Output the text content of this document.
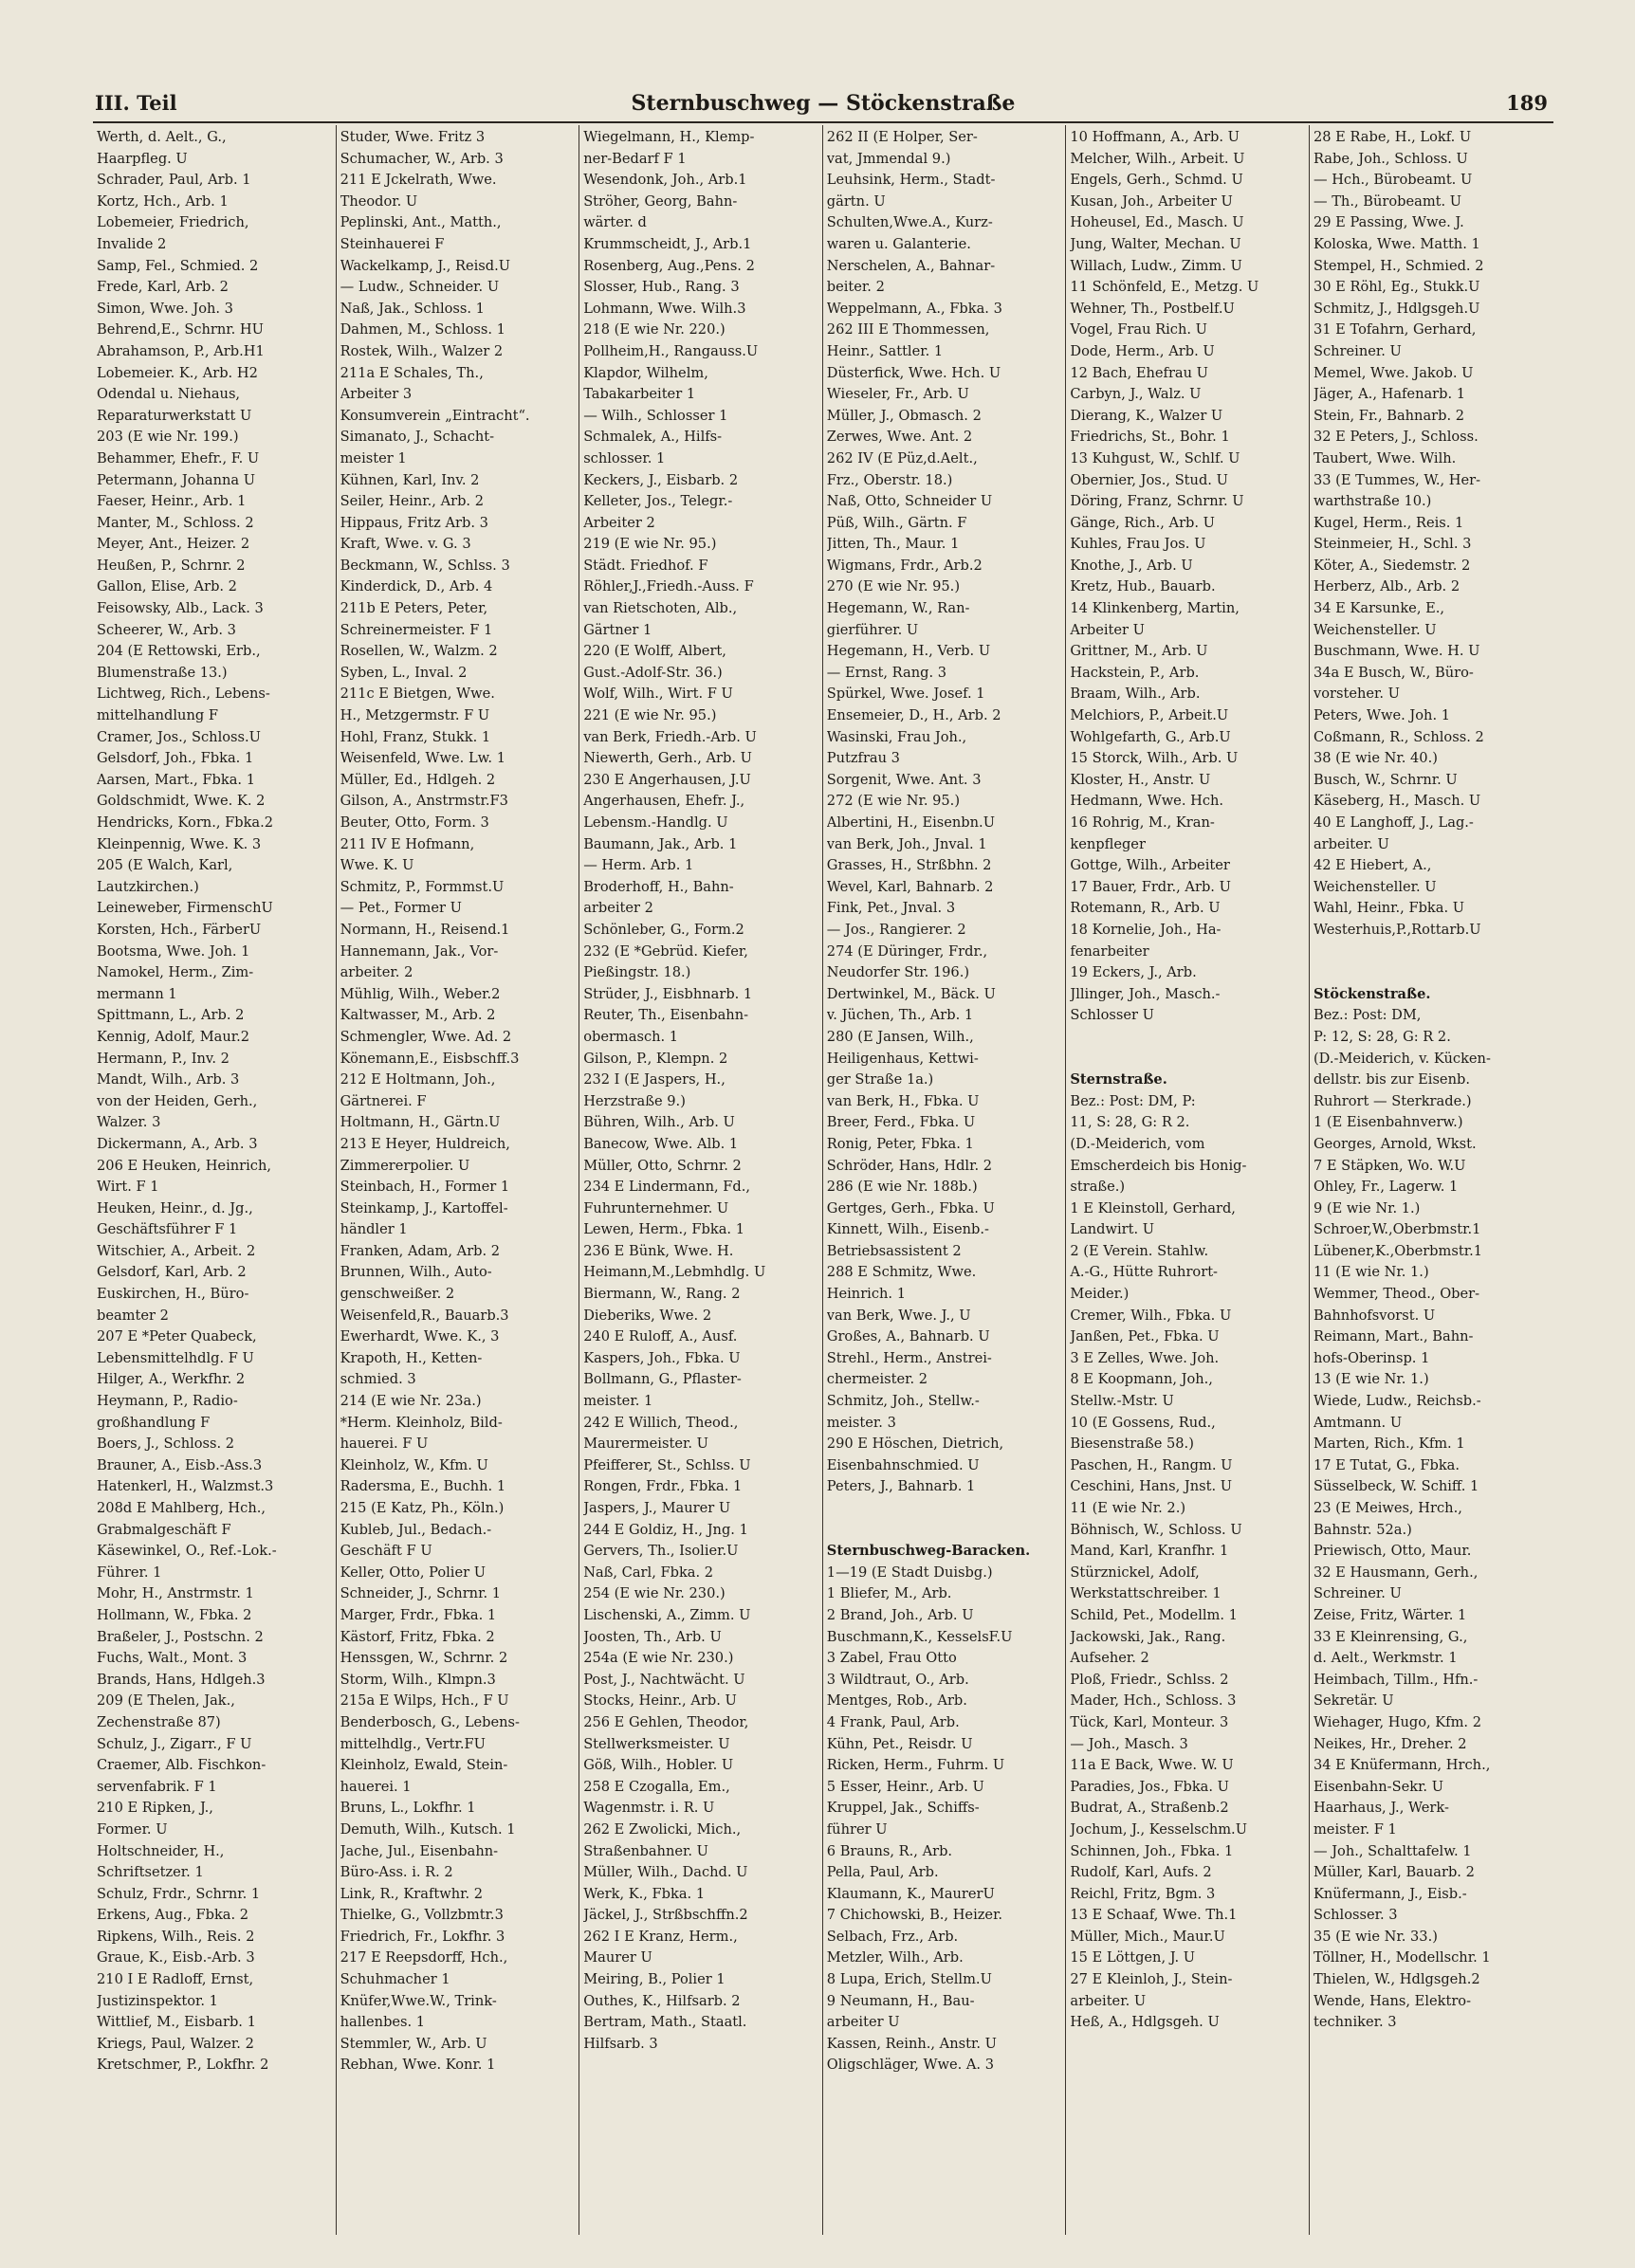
III. Teil	Sternbuschweg — Stöckenstraße	189
Werth, d. Aelt., G.,
Haarpfleg. U
Schrader, Paul, Arb. 1
Kortz, Hch., Arb. 1
Lobemeier, Friedrich,
Invalide 2
Samp, Fel., Schmied. 2
Frede, Karl, Arb. 2
Simon, Wwe. Joh. 3
Behrend,E., Schrnr. HU
Abrahamson, P., Arb.H1
Lobemeier. K., Arb. H2
Odendal u. Niehaus,
Reparaturwerkstatt U
203 (E wie Nr. 199.)
Behammer, Ehefr., F. U
Petermann, Johanna U
Faeser, Heinr., Arb. 1
Manter, M., Schloss. 2
Meyer, Ant., Heizer. 2
Heußen, P., Schrnr. 2
Gallon, Elise, Arb. 2
Feisowsky, Alb., Lack. 3
Scheerer, W., Arb. 3
204 (E Rettowski, Erb.,
Blumenstraße 13.)
Lichtweg, Rich., Lebens-
mittelhandlung F
Cramer, Jos., Schloss.U
Gelsdorf, Joh., Fbka. 1
Aarsen, Mart., Fbka. 1
Goldschmidt, Wwe. K. 2
Hendricks, Korn., Fbka.2
Kleinpennig, Wwe. K. 3
205 (E Walch, Karl,
Lautzkirchen.)
Leineweber, FirmenschU
Korsten, Hch., FärberU
Bootsma, Wwe. Joh. 1
Namokel, Herm., Zim-
mermann 1
Spittmann, L., Arb. 2
Kennig, Adolf, Maur.2
Hermann, P., Inv. 2
Mandt, Wilh., Arb. 3
von der Heiden, Gerh.,
Walzer. 3
Dickermann, A., Arb. 3
206 E Heuken, Heinrich,
Wirt. F 1
Heuken, Heinr., d. Jg.,
Geschäftsführer F 1
Witschier, A., Arbeit. 2
Gelsdorf, Karl, Arb. 2
Euskirchen, H., Büro-
beamter 2
207 E *Peter Quabeck,
Lebensmittelhdlg. F U
Hilger, A., Werkfhr. 2
Heymann, P., Radio-
großhandlung F
Boers, J., Schloss. 2
Brauner, A., Eisb.-Ass.3
Hatenkerl, H., Walzmst.3
208d E Mahlberg, Hch.,
Grabmalgeschäft F
Käsewinkel, O., Ref.-Lok.-
Führer. 1
Mohr, H., Anstrmstr. 1
Hollmann, W., Fbka. 2
Braßeler, J., Postschn. 2
Fuchs, Walt., Mont. 3
Brands, Hans, Hdlgeh.3
209 (E Thelen, Jak.,
Zechenstraße 87)
Schulz, J., Zigarr., F U
Craemer, Alb. Fischkon-
servenfabrik. F 1
210 E Ripken, J.,
Former. U
Holtschneider, H.,
Schriftsetzer. 1
Schulz, Frdr., Schrnr. 1
Erkens, Aug., Fbka. 2
Ripkens, Wilh., Reis. 2
Graue, K., Eisb.-Arb. 3
210 I E Radloff, Ernst,
Justizinspektor. 1
Wittlief, M., Eisbarb. 1
Kriegs, Paul, Walzer. 2
Kretschmer, P., Lokfhr. 2
Studer, Wwe. Fritz 3
Schumacher, W., Arb. 3
211 E Jckelrath, Wwe.
Theodor. U
Peplinski, Ant., Matth.,
Steinhauerei F
Wackelkamp, J., Reisd.U
— Ludw., Schneider. U
Naß, Jak., Schloss. 1
Dahmen, M., Schloss. 1
Rostek, Wilh., Walzer 2
211a E Schales, Th.,
Arbeiter 3
Konsumverein „Eintracht“.
Simanato, J., Schacht-
meister 1
Kühnen, Karl, Inv. 2
Seiler, Heinr., Arb. 2
Hippaus, Fritz Arb. 3
Kraft, Wwe. v. G. 3
Beckmann, W., Schlss. 3
Kinderdick, D., Arb. 4
211b E Peters, Peter,
Schreinermeister. F 1
Rosellen, W., Walzm. 2
Syben, L., Inval. 2
211c E Bietgen, Wwe.
H., Metzgermstr. F U
Hohl, Franz, Stukk. 1
Weisenfeld, Wwe. Lw. 1
Müller, Ed., Hdlgeh. 2
Gilson, A., Anstrmstr.F3
Beuter, Otto, Form. 3
211 IV E Hofmann,
Wwe. K. U
Schmitz, P., Formmst.U
— Pet., Former U
Normann, H., Reisend.1
Hannemann, Jak., Vor-
arbeiter. 2
Mühlig, Wilh., Weber.2
Kaltwasser, M., Arb. 2
Schmengler, Wwe. Ad. 2
Könemann,E., Eisbschff.3
212 E Holtmann, Joh.,
Gärtnerei. F
Holtmann, H., Gärtn.U
213 E Heyer, Huldreich,
Zimmererpolier. U
Steinbach, H., Former 1
Steinkamp, J., Kartoffel-
händler 1
Franken, Adam, Arb. 2
Brunnen, Wilh., Auto-
genschweißer. 2
Weisenfeld,R., Bauarb.3
Ewerhardt, Wwe. K., 3
Krapoth, H., Ketten-
schmied. 3
214 (E wie Nr. 23a.)
*Herm. Kleinholz, Bild-
hauerei. F U
Kleinholz, W., Kfm. U
Radersma, E., Buchh. 1
215 (E Katz, Ph., Köln.)
Kubleb, Jul., Bedach.-
Geschäft F U
Keller, Otto, Polier U
Schneider, J., Schrnr. 1
Marger, Frdr., Fbka. 1
Kästorf, Fritz, Fbka. 2
Henssgen, W., Schrnr. 2
Storm, Wilh., Klmpn.3
215a E Wilps, Hch., F U
Benderbosch, G., Lebens-
mittelhdlg., Vertr.FU
Kleinholz, Ewald, Stein-
hauerei. 1
Bruns, L., Lokfhr. 1
Demuth, Wilh., Kutsch. 1
Jache, Jul., Eisenbahn-
Büro-Ass. i. R. 2
Link, R., Kraftwhr. 2
Thielke, G., Vollzbmtr.3
Friedrich, Fr., Lokfhr. 3
217 E Reepsdorff, Hch.,
Schuhmacher 1
Knüfer,Wwe.W., Trink-
hallenbes. 1
Stemmler, W., Arb. U
Rebhan, Wwe. Konr. 1
Wiegelmann, H., Klemp-
ner-Bedarf F 1
Wesendonk, Joh., Arb.1
Ströher, Georg, Bahn-
wärter. d
Krummscheidt, J., Arb.1
Rosenberg, Aug.,Pens. 2
Slosser, Hub., Rang. 3
Lohmann, Wwe. Wilh.3
218 (E wie Nr. 220.)
Pollheim,H., Rangauss.U
Klapdor, Wilhelm,
Tabakarbeiter 1
— Wilh., Schlosser 1
Schmalek, A., Hilfs-
schlosser. 1
Keckers, J., Eisbarb. 2
Kelleter, Jos., Telegr.-
Arbeiter 2
219 (E wie Nr. 95.)
Städt. Friedhof. F
Röhler,J.,Friedh.-Auss. F
van Rietschoten, Alb.,
Gärtner 1
220 (E Wolff, Albert,
Gust.-Adolf-Str. 36.)
Wolf, Wilh., Wirt. F U
221 (E wie Nr. 95.)
van Berk, Friedh.-Arb. U
Niewerth, Gerh., Arb. U
230 E Angerhausen, J.U
Angerhausen, Ehefr. J.,
Lebensm.-Handlg. U
Baumann, Jak., Arb. 1
— Herm. Arb. 1
Broderhoff, H., Bahn-
arbeiter 2
Schönleber, G., Form.2
232 (E *Gebrüd. Kiefer,
Pießingstr. 18.)
Strüder, J., Eisbhnarb. 1
Reuter, Th., Eisenbahn-
obermasch. 1
Gilson, P., Klempn. 2
232 I (E Jaspers, H.,
Herzstraße 9.)
Bühren, Wilh., Arb. U
Banecow, Wwe. Alb. 1
Müller, Otto, Schrnr. 2
234 E Lindermann, Fd.,
Fuhrunternehmer. U
Lewen, Herm., Fbka. 1
236 E Bünk, Wwe. H.
Heimann,M.,Lebmhdlg. U
Biermann, W., Rang. 2
Dieberiks, Wwe. 2
240 E Ruloff, A., Ausf.
Kaspers, Joh., Fbka. U
Bollmann, G., Pflaster-
meister. 1
242 E Willich, Theod.,
Maurermeister. U
Pfeifferer, St., Schlss. U
Rongen, Frdr., Fbka. 1
Jaspers, J., Maurer U
244 E Goldiz, H., Jng. 1
Gervers, Th., Isolier.U
Naß, Carl, Fbka. 2
254 (E wie Nr. 230.)
Lischenski, A., Zimm. U
Joosten, Th., Arb. U
254a (E wie Nr. 230.)
Post, J., Nachtwächt. U
Stocks, Heinr., Arb. U
256 E Gehlen, Theodor,
Stellwerksmeister. U
Göß, Wilh., Hobler. U
258 E Czogalla, Em.,
Wagenmstr. i. R. U
262 E Zwolicki, Mich.,
Straßenbahner. U
Müller, Wilh., Dachd. U
Werk, K., Fbka. 1
Jäckel, J., Strßbschffn.2
262 I E Kranz, Herm.,
Maurer U
Meiring, B., Polier 1
Outhes, K., Hilfsarb. 2
Bertram, Math., Staatl.
Hilfsarb. 3
262 II (E Holper, Ser-
vat, Jmmendal 9.)
Leuhsink, Herm., Stadt-
gärtn. U
Schulten,Wwe.A., Kurz-
waren u. Galanterie.
Nerschelen, A., Bahnar-
beiter. 2
Weppelmann, A., Fbka. 3
262 III E Thommessen,
Heinr., Sattler. 1
Düsterfick, Wwe. Hch. U
Wieseler, Fr., Arb. U
Müller, J., Obmasch. 2
Zerwes, Wwe. Ant. 2
262 IV (E Püz,d.Aelt.,
Frz., Oberstr. 18.)
Naß, Otto, Schneider U
Püß, Wilh., Gärtn. F
Jitten, Th., Maur. 1
Wigmans, Frdr., Arb.2
270 (E wie Nr. 95.)
Hegemann, W., Ran-
gierführer. U
Hegemann, H., Verb. U
— Ernst, Rang. 3
Spürkel, Wwe. Josef. 1
Ensemeier, D., H., Arb. 2
Wasinski, Frau Joh.,
Putzfrau 3
Sorgenit, Wwe. Ant. 3
272 (E wie Nr. 95.)
Albertini, H., Eisenbn.U
van Berk, Joh., Jnval. 1
Grasses, H., Strßbhn. 2
Wevel, Karl, Bahnarb. 2
Fink, Pet., Jnval. 3
— Jos., Rangierer. 2
274 (E Düringer, Frdr.,
Neudorfer Str. 196.)
Dertwinkel, M., Bäck. U
v. Jüchen, Th., Arb. 1
280 (E Jansen, Wilh.,
Heiligenhaus, Kettwi-
ger Straße 1a.)
van Berk, H., Fbka. U
Breer, Ferd., Fbka. U
Ronig, Peter, Fbka. 1
Schröder, Hans, Hdlr. 2
286 (E wie Nr. 188b.)
Gertges, Gerh., Fbka. U
Kinnett, Wilh., Eisenb.-
Betriebsassistent 2
288 E Schmitz, Wwe.
Heinrich. 1
van Berk, Wwe. J., U
Großes, A., Bahnarb. U
Strehl., Herm., Anstrei-
chermeister. 2
Schmitz, Joh., Stellw.-
meister. 3
290 E Höschen, Dietrich,
Eisenbahnschmied. U
Peters, J., Bahnarb. 1
Sternbuschweg-Baracken.
1—19 (E Stadt Duisbg.)
1 Bliefer, M., Arb.
2 Brand, Joh., Arb. U
Buschmann,K., KesselsF.U
3 Zabel, Frau Otto
3 Wildtraut, O., Arb.
Mentges, Rob., Arb.
4 Frank, Paul, Arb.
Kühn, Pet., Reisdr. U
Ricken, Herm., Fuhrm. U
5 Esser, Heinr., Arb. U
Kruppel, Jak., Schiffs-
führer U
6 Brauns, R., Arb.
Pella, Paul, Arb.
Klaumann, K., MaurerU
7 Chichowski, B., Heizer.
Selbach, Frz., Arb.
Metzler, Wilh., Arb.
8 Lupa, Erich, Stellm.U
9 Neumann, H., Bau-
arbeiter U
Kassen, Reinh., Anstr. U
Oligschläger, Wwe. A. 3
10 Hoffmann, A., Arb. U
Melcher, Wilh., Arbeit. U
Engels, Gerh., Schmd. U
Kusan, Joh., Arbeiter U
Hoheusel, Ed., Masch. U
Jung, Walter, Mechan. U
Willach, Ludw., Zimm. U
11 Schönfeld, E., Metzg. U
Wehner, Th., Postbelf.U
Vogel, Frau Rich. U
Dode, Herm., Arb. U
12 Bach, Ehefrau U
Carbyn, J., Walz. U
Dierang, K., Walzer U
Friedrichs, St., Bohr. 1
13 Kuhgust, W., Schlf. U
Obernier, Jos., Stud. U
Döring, Franz, Schrnr. U
Gänge, Rich., Arb. U
Kuhles, Frau Jos. U
Knothe, J., Arb. U
Kretz, Hub., Bauarb.
14 Klinkenberg, Martin,
Arbeiter U
Grittner, M., Arb. U
Hackstein, P., Arb.
Braam, Wilh., Arb.
Melchiors, P., Arbeit.U
Wohlgefarth, G., Arb.U
15 Storck, Wilh., Arb. U
Kloster, H., Anstr. U
Hedmann, Wwe. Hch.
16 Rohrig, M., Kran-
kenpfleger
Gottge, Wilh., Arbeiter
17 Bauer, Frdr., Arb. U
Rotemann, R., Arb. U
18 Kornelie, Joh., Ha-
fenarbeiter
19 Eckers, J., Arb.
Jllinger, Joh., Masch.-
Schlosser U
Sternstraße.
Bez.: Post: DM, P:
11, S: 28, G: R 2.
(D.-Meiderich, vom
Emscherdeich bis Honig-
straße.)
1 E Kleinstoll, Gerhard,
Landwirt. U
2 (E Verein. Stahlw.
A.-G., Hütte Ruhrort-
Meider.)
Cremer, Wilh., Fbka. U
Janßen, Pet., Fbka. U
3 E Zelles, Wwe. Joh.
8 E Koopmann, Joh.,
Stellw.-Mstr. U
10 (E Gossens, Rud.,
Biesenstraße 58.)
Paschen, H., Rangm. U
Ceschini, Hans, Jnst. U
11 (E wie Nr. 2.)
Böhnisch, W., Schloss. U
Mand, Karl, Kranfhr. 1
Stürznickel, Adolf,
Werkstattschreiber. 1
Schild, Pet., Modellm. 1
Jackowski, Jak., Rang.
Aufseher. 2
Ploß, Friedr., Schlss. 2
Mader, Hch., Schloss. 3
Tück, Karl, Monteur. 3
— Joh., Masch. 3
11a E Back, Wwe. W. U
Paradies, Jos., Fbka. U
Budrat, A., Straßenb.2
Jochum, J., Kesselschm.U
Schinnen, Joh., Fbka. 1
Rudolf, Karl, Aufs. 2
Reichl, Fritz, Bgm. 3
13 E Schaaf, Wwe. Th.1
Müller, Mich., Maur.U
15 E Löttgen, J. U
27 E Kleinloh, J., Stein-
arbeiter. U
Heß, A., Hdlgsgeh. U
28 E Rabe, H., Lokf. U
Rabe, Joh., Schloss. U
— Hch., Bürobeamt. U
— Th., Bürobeamt. U
29 E Passing, Wwe. J.
Koloska, Wwe. Matth. 1
Stempel, H., Schmied. 2
30 E Röhl, Eg., Stukk.U
Schmitz, J., Hdlgsgeh.U
31 E Tofahrn, Gerhard,
Schreiner. U
Memel, Wwe. Jakob. U
Jäger, A., Hafenarb. 1
Stein, Fr., Bahnarb. 2
32 E Peters, J., Schloss.
Taubert, Wwe. Wilh.
33 (E Tummes, W., Her-
warthstraße 10.)
Kugel, Herm., Reis. 1
Steinmeier, H., Schl. 3
Köter, A., Siedemstr. 2
Herberz, Alb., Arb. 2
34 E Karsunke, E.,
Weichensteller. U
Buschmann, Wwe. H. U
34a E Busch, W., Büro-
vorsteher. U
Peters, Wwe. Joh. 1
Coßmann, R., Schloss. 2
38 (E wie Nr. 40.)
Busch, W., Schrnr. U
Käseberg, H., Masch. U
40 E Langhoff, J., Lag.-
arbeiter. U
42 E Hiebert, A.,
Weichensteller. U
Wahl, Heinr., Fbka. U
Westerhuis,P.,Rottarb.U
Stöckenstraße.
Bez.: Post: DM,
P: 12, S: 28, G: R 2.
(D.-Meiderich, v. Kücken-
dellstr. bis zur Eisenb.
Ruhrort — Sterkrade.)
1 (E Eisenbahnverw.)
Georges, Arnold, Wkst.
7 E Stäpken, Wo. W.U
Ohley, Fr., Lagerw. 1
9 (E wie Nr. 1.)
Schroer,W.,Oberbmstr.1
Lübener,K.,Oberbmstr.1
11 (E wie Nr. 1.)
Wemmer, Theod., Ober-
Bahnhofsvorst. U
Reimann, Mart., Bahn-
hofs-Oberinsp. 1
13 (E wie Nr. 1.)
Wiede, Ludw., Reichsb.-
Amtmann. U
Marten, Rich., Kfm. 1
17 E Tutat, G., Fbka.
Süsselbeck, W. Schiff. 1
23 (E Meiwes, Hrch.,
Bahnstr. 52a.)
Priewisch, Otto, Maur.
32 E Hausmann, Gerh.,
Schreiner. U
Zeise, Fritz, Wärter. 1
33 E Kleinrensing, G.,
d. Aelt., Werkmstr. 1
Heimbach, Tillm., Hfn.-
Sekretär. U
Wiehager, Hugo, Kfm. 2
Neikes, Hr., Dreher. 2
34 E Knüfermann, Hrch.,
Eisenbahn-Sekr. U
Haarhaus, J., Werk-
meister. F 1
— Joh., Schalttafelw. 1
Müller, Karl, Bauarb. 2
Knüfermann, J., Eisb.-
Schlosser. 3
35 (E wie Nr. 33.)
Töllner, H., Modellschr. 1
Thielen, W., Hdlgsgeh.2
Wende, Hans, Elektro-
techniker. 3
